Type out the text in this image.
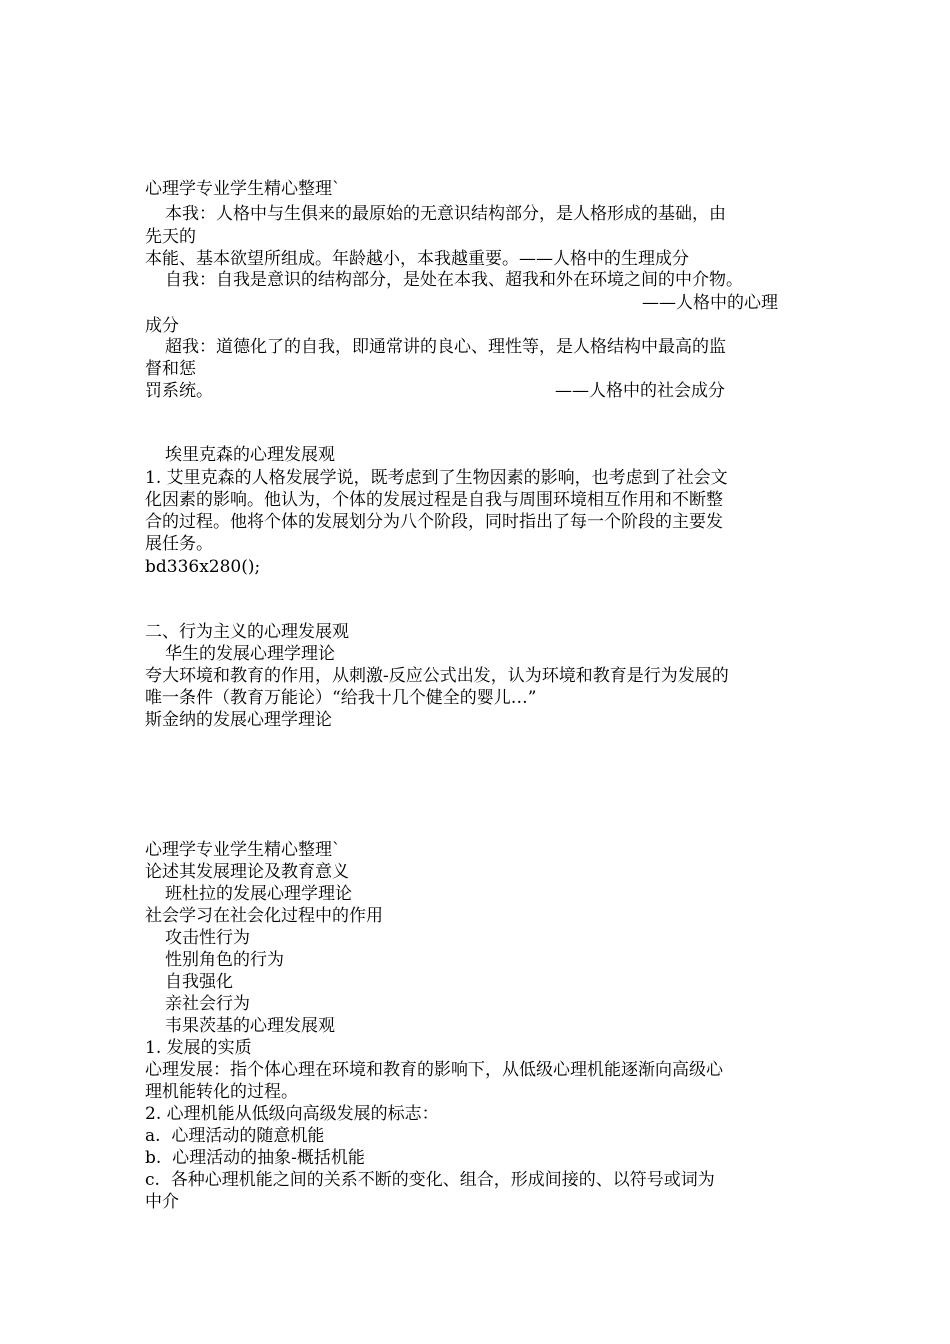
心理学专业学生精心整理`
本我：人格中与生俱来的最原始的无意识结构部分，是人格形成的基础，由
先天的
本能、基本欲望所组成。年龄越小，本我越重要。——人格中的生理成分
自我：自我是意识的结构部分，是处在本我、超我和外在环境之间的中介物。
——人格中的心理
成分
超我：道德化了的自我，即通常讲的良心、理性等，是人格结构中最高的监
督和惩
罚系统。	——人格中的社会成分
埃里克森的心理发展观
1. 艾里克森的人格发展学说，既考虑到了生物因素的影响，也考虑到了社会文
化因素的影响。他认为，个体的发展过程是自我与周围环境相互作用和不断整
合的过程。他将个体的发展划分为八个阶段，同时指出了每一个阶段的主要发
展任务。
bd336x280();
二、行为主义的心理发展观
华生的发展心理学理论
夸大环境和教育的作用，从刺激-反应公式出发，认为环境和教育是行为发展的
唯一条件（教育万能论）“给我十几个健全的婴儿…”
斯金纳的发展心理学理论
心理学专业学生精心整理`
论述其发展理论及教育意义
班杜拉的发展心理学理论
社会学习在社会化过程中的作用
攻击性行为
性别角色的行为
自我强化
亲社会行为
韦果茨基的心理发展观
1. 发展的实质
心理发展：指个体心理在环境和教育的影响下，从低级心理机能逐渐向高级心
理机能转化的过程。
2. 心理机能从低级向高级发展的标志：
a.  心理活动的随意机能
b.  心理活动的抽象-概括机能
c.  各种心理机能之间的关系不断的变化、组合，形成间接的、以符号或词为
中介
